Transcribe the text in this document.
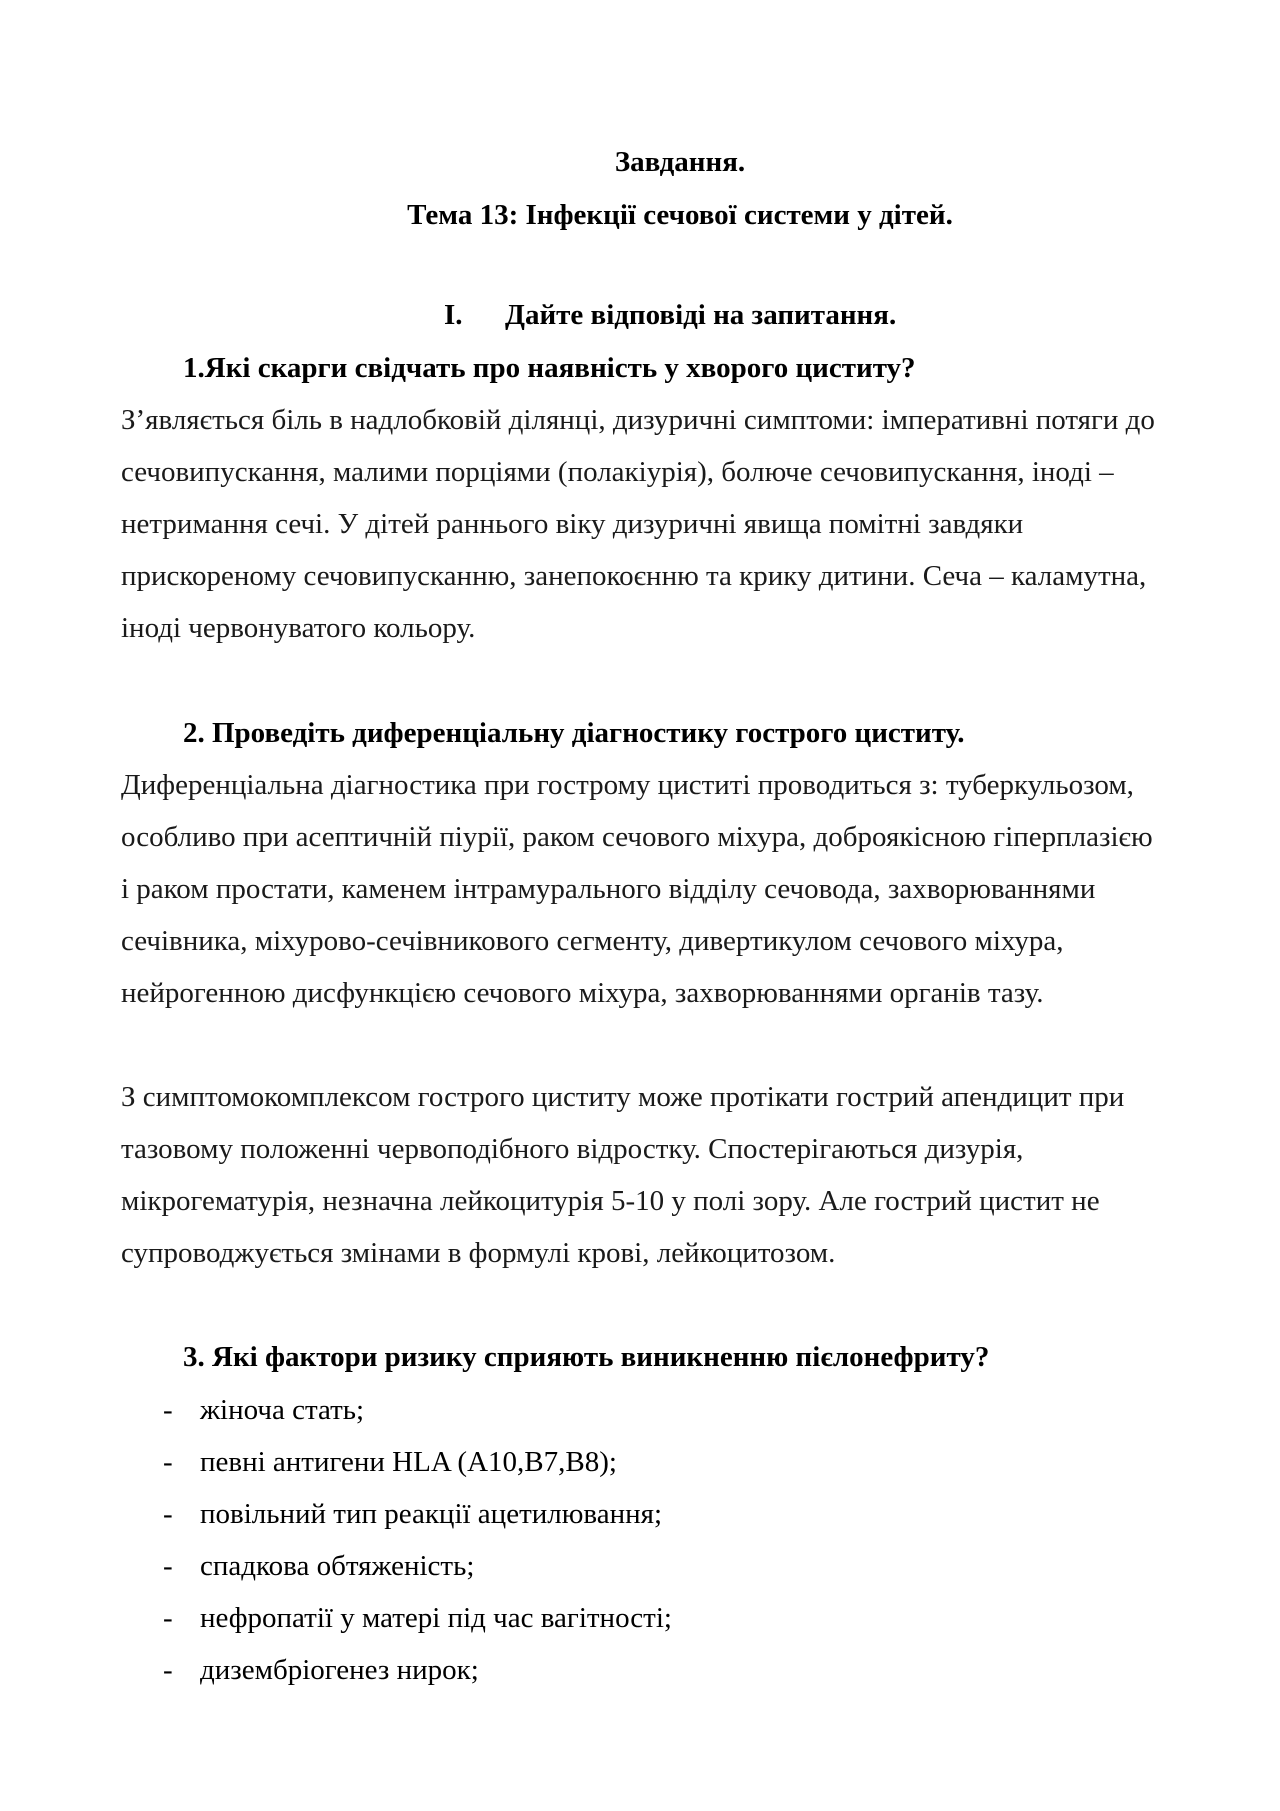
Завдання.
Тема 13: Інфекції сечової системи у дітей.
I. Дайте відповіді на запитання.
1.Які скарги свідчать про наявність у хворого циститу?
З’являється біль в надлобковій ділянці, дизуричні симптоми: імперативні потяги до
сечовипускання, малими порціями (полакіурія), болюче сечовипускання, іноді –
нетримання сечі. У дітей раннього віку дизуричні явища помітні завдяки
прискореному сечовипусканню, занепокоєнню та крику дитини. Сеча – каламутна,
іноді червонуватого кольору.
2. Проведіть диференціальну діагностику гострого циститу.
Диференціальна діагностика при гострому циститі проводиться з: туберкульозом,
особливо при асептичній піурії, раком сечового міхура, доброякісною гіперплазією
і раком простати, каменем інтрамурального відділу сечовода, захворюваннями
сечівника, міхурово-сечівникового сегменту, дивертикулом сечового міхура,
нейрогенною дисфункцією сечового міхура, захворюваннями органів тазу.
З симптомокомплексом гострого циститу може протікати гострий апендицит при
тазовому положенні червоподібного відростку. Спостерігаються дизурія,
мікрогематурія, незначна лейкоцитурія 5-10 у полі зору. Але гострий цистит не
супроводжується змінами в формулі крові, лейкоцитозом.
3. Які фактори ризику сприяють виникненню пієлонефриту?
- жіноча стать;
- певні антигени HLA (A10,B7,B8);
- повільний тип реакції ацетилювання;
- спадкова обтяженість;
- нефропатії у матері під час вагітності;
- дизембріогенез нирок;
